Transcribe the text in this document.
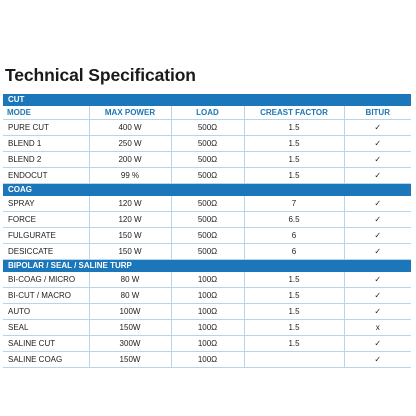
Technical Specification
CUT				
MODE	MAX POWER	LOAD	CREAST FACTOR	BITUR
PURE CUT	400 W	500Ω	1.5	✓
BLEND 1	250 W	500Ω	1.5	✓
BLEND 2	200 W	500Ω	1.5	✓
ENDOCUT	99 %	500Ω	1.5	✓
COAG				
SPRAY	120 W	500Ω	7	✓
FORCE	120 W	500Ω	6.5	✓
FULGURATE	150 W	500Ω	6	✓
DESICCATE	150 W	500Ω	6	✓
BIPOLAR / SEAL / SALINE TURP				
BI-COAG / MICRO	80 W	100Ω	1.5	✓
BI-CUT / MACRO	80 W	100Ω	1.5	✓
AUTO	100W	100Ω	1.5	✓
SEAL	150W	100Ω	1.5	x
SALINE CUT	300W	100Ω	1.5	✓
SALINE COAG	150W	100Ω		✓
